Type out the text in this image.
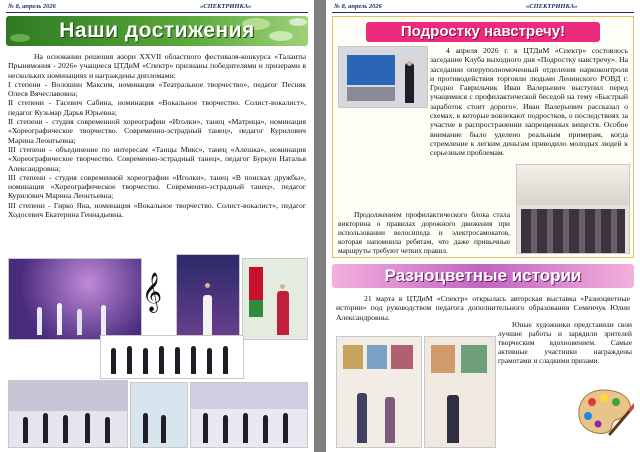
№ 8, апрель 2026	«СПЕКТРИНКА»
Наши достижения

На основании решения жюри XXVII областного фестиваля-конкурса «Таланты Прынямония - 2026» учащиеся ЦТДиМ «Спектр» признаны победителями и призерами в нескольких номинациях и награждены дипломами:

I степени - Волошин Максим, номинация «Театральное творчество», педагог Песняк Олеся Вячеславовна;

II степени - Гасевич Сабина, номинация «Вокальное творчество. Солист-вокалист», педагог Кузьмар Дарья Юрьевна;

II степени - студия современной хореографии «Иголки», танец «Матрица», номинация «Хореографическое творчество. Современно-эстрадный танец», педагог Курилович Марина Леонтьевна;

III степени - объединение по интересам «Танцы Микс», танец «Алешка», номинация «Хореографическое творчество. Современно-эстрадный танец», педагог Буркун Наталья Александровна;

III степени - студия современной хореографии «Иголки», танец «В поисках дружбы», номинация «Хореографическое творчество. Современно-эстрадный танец», педагог Курилович Марина Леонтьевна;

III степени - Гирко Яна, номинация «Вокальное творчество. Солист-вокалист», педагог Ходосевич Екатерина Геннадьевна.

𝄞
№ 8, апрель 2026	«СПЕКТРИНКА»
Подростку навстречу!

4 апреля 2026 г. в ЦТДиМ «Спектр» состоялось заседание Клуба выходного дня «Подростку навстречу». На заседании оперуполномоченный отделения наркоконтроля и противодействия торговли людьми Ленинского РОВД г. Гродно Гаврильчик Иван Валерьевич выступил перед учащимися с профилактической беседой на тему «Быстрый заработок стоит дорого». Иван Валерьевич рассказал о схемах, в которые вовлекают подростков, о последствиях за участие в распространении запрещенных веществ. Особое внимание было уделено реальным примерам, когда стремление к легким деньгам приводило молодых людей к серьезным проблемам.

Продолжением профилактического блока стала викторина о правилах дорожного движения при использовании велосипеда и электросамокатов, которая напомнила ребятам, что даже привычные маршруты требуют четких правил.

Разноцветные истории

21 марта в ЦТДиМ «Спектр» открылась авторская выставка «Разноцветные истории» под руководством педагога дополнительного образования Семенчук Юлии Александровны.

Юные художники представили свои лучшие работы и зарядили зрителей творческим вдохновением. Самые активные участники награждены грамотами и сладкими призами.
